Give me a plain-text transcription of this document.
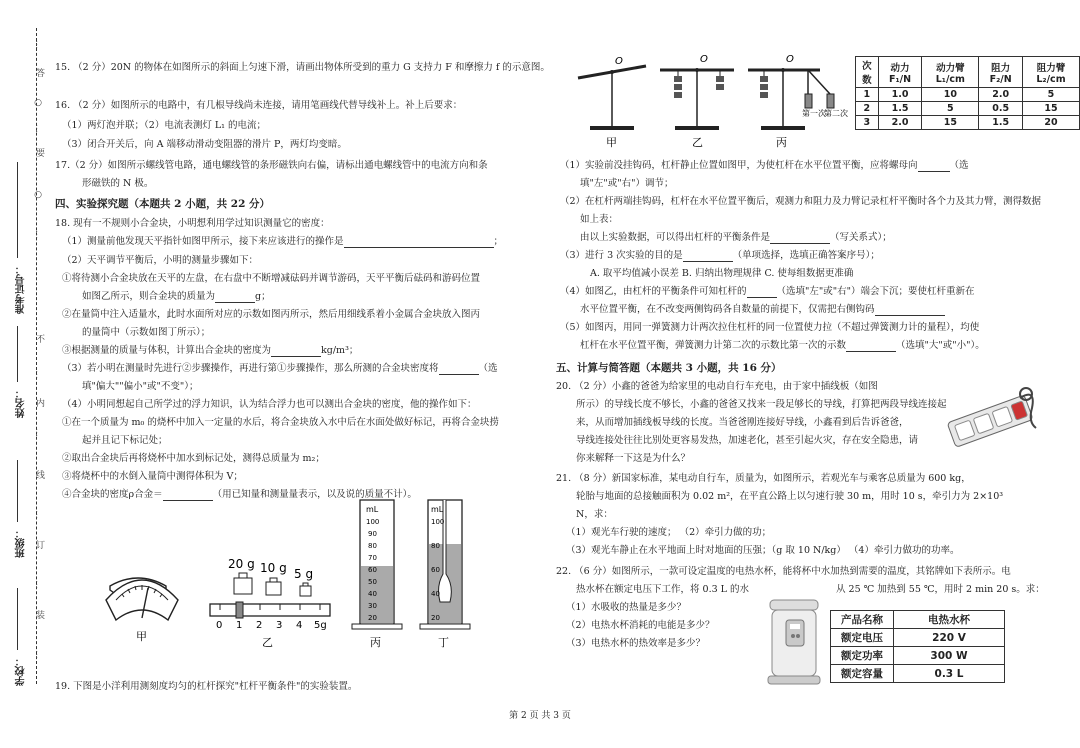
准考证号：
姓名：
班级：
学校：
…
答
○
…
要
○
…
不
…
内
…
线
…
订
…
装
…
15. （2 分）20N 的物体在如图所示的斜面上匀速下滑，请画出物体所受到的重力 G 支持力 F 和摩擦力 f 的示意图。
16. （2 分）如图所示的电路中，有几根导线尚未连接，请用笔画线代替导线补上。补上后要求：
（1）两灯泡并联；（2）电流表测灯 L₁ 的电流；
（3）闭合开关后，向 A 端移动滑动变阻器的滑片 P，两灯均变暗。
17.（2 分）如图所示螺线管电路，通电螺线管的条形磁铁向右偏，请标出通电螺线管中的电流方向和条
形磁铁的 N 极。
四、实验探究题（本题共 2 小题，共 22 分）
18. 现有一不规则小合金块，小明想利用学过知识测量它的密度：
（1）测量前他发现天平指针如图甲所示，接下来应该进行的操作是	；
（2）天平调节平衡后，小明的测量步骤如下：
①将待测小合金块放在天平的左盘，在右盘中不断增减砝码并调节游码，天平平衡后砝码和游码位置
如图乙所示，则合金块的质量为	g；
②在量筒中注入适量水，此时水面所对应的示数如图丙所示，然后用细线系着小金属合金块放入图丙
的量筒中（示数如图丁所示）；
③根据测量的质量与体积，计算出合金块的密度为	kg/m³；
（3）若小明在测量时先进行②步骤操作，再进行第①步骤操作，那么所测的合金块密度将	（选
填"偏大""偏小"或"不变"）；
（4）小明同想起自己所学过的浮力知识，认为结合浮力也可以测出合金块的密度，他的操作如下：
①在一个质量为 m₀ 的烧杯中加入一定量的水后，将合金块放入水中后在水面处做好标记，再将合金块捞
起并且记下标记处；
②取出合金块后再将烧杯中加水到标记处，测得总质量为 m₂；
③将烧杯中的水倒入量筒中测得体积为 V；
④合金块的密度ρ合金＝	（用已知量和测量量表示，以及说的质量不计）。
甲
20 g 10 g 5 g
0 1 2 3 4 5g
乙
mL
100
90
80
70
60
50
40
30
20
丙
mL
100
80
60
40
20
丁
19. 下图是小洋利用测刻度均匀的杠杆探究"杠杆平衡条件"的实验装置。
O
甲
O
乙
O
第一次
第二次
丙
次数	动力 F₁/N	动力臂 L₁/cm	阻力 F₂/N	阻力臂 L₂/cm
1	1.0	10	2.0	5
2	1.5	5	0.5	15
3	2.0	15	1.5	20
（1）实验前没挂钩码，杠杆静止位置如图甲，为使杠杆在水平位置平衡，应将螺母向	（选
填"左"或"右"）调节；
（2）在杠杆两端挂钩码，杠杆在水平位置平衡后，观测力和阻力及力臂记录杠杆平衡时各个力及其力臂，测得数据
如上表：
由以上实验数据，可以得出杠杆的平衡条件是	（写关系式）；
（3）进行 3 次实验的目的是	（单项选择，选填正确答案序号）；
A. 取平均值减小误差 B. 归纳出物理规律 C. 使每组数据更准确
（4）如图乙，由杠杆的平衡条件可知杠杆的	（选填"左"或"右"）端会下沉；要使杠杆重新在
水平位置平衡，在不改变两侧钩码各自数量的前提下，仅需把右侧钩码
（5）如图丙，用同一弹簧测力计两次拉住杠杆的同一位置使力拉（不超过弹簧测力计的量程），均使
杠杆在水平位置平衡，弹簧测力计第二次的示数比第一次的示数	（选填"大"或"小"）。
五、计算与简答题（本题共 3 小题，共 16 分）
20. （2 分）小鑫的爸爸为给家里的电动自行车充电，由于家中插线板（如图
所示）的导线长度不够长，小鑫的爸爸又找来一段足够长的导线，打算把两段导线连接起
来，从而增加插线板导线的长度。当爸爸刚连接好导线，小鑫看到后告诉爸爸，
导线连接处往往比别处更容易发热，加速老化，甚至引起火灾，存在安全隐患，请
你来解释一下这是为什么？
21. （8 分）新国家标准，某电动自行车，质量为，如图所示，若观光车与乘客总质量为 600 kg，
轮胎与地面的总接触面积为 0.02 m²，在平直公路上以匀速行驶 30 m，用时 10 s，牵引力为 2×10³
N，求：
（1）观光车行驶的速度； （2）牵引力做的功；
（3）观光车静止在水平地面上时对地面的压强；（g 取 10 N/kg） （4）牵引力做功的功率。
22. （6 分）如图所示，一款可设定温度的电热水杯，能将杯中水加热到需要的温度，其铭牌如下表所示。电
热水杯在额定电压下工作，将 0.3 L 的水	从 25 ℃ 加热到 55 ℃，用时 2 min 20 s。求：
（1）水吸收的热量是多少？
（2）电热水杯消耗的电能是多少？
（3）电热水杯的热效率是多少？
产品名称	电热水杯
额定电压	220 V
额定功率	300 W
额定容量	0.3 L
第 2 页 共 3 页
